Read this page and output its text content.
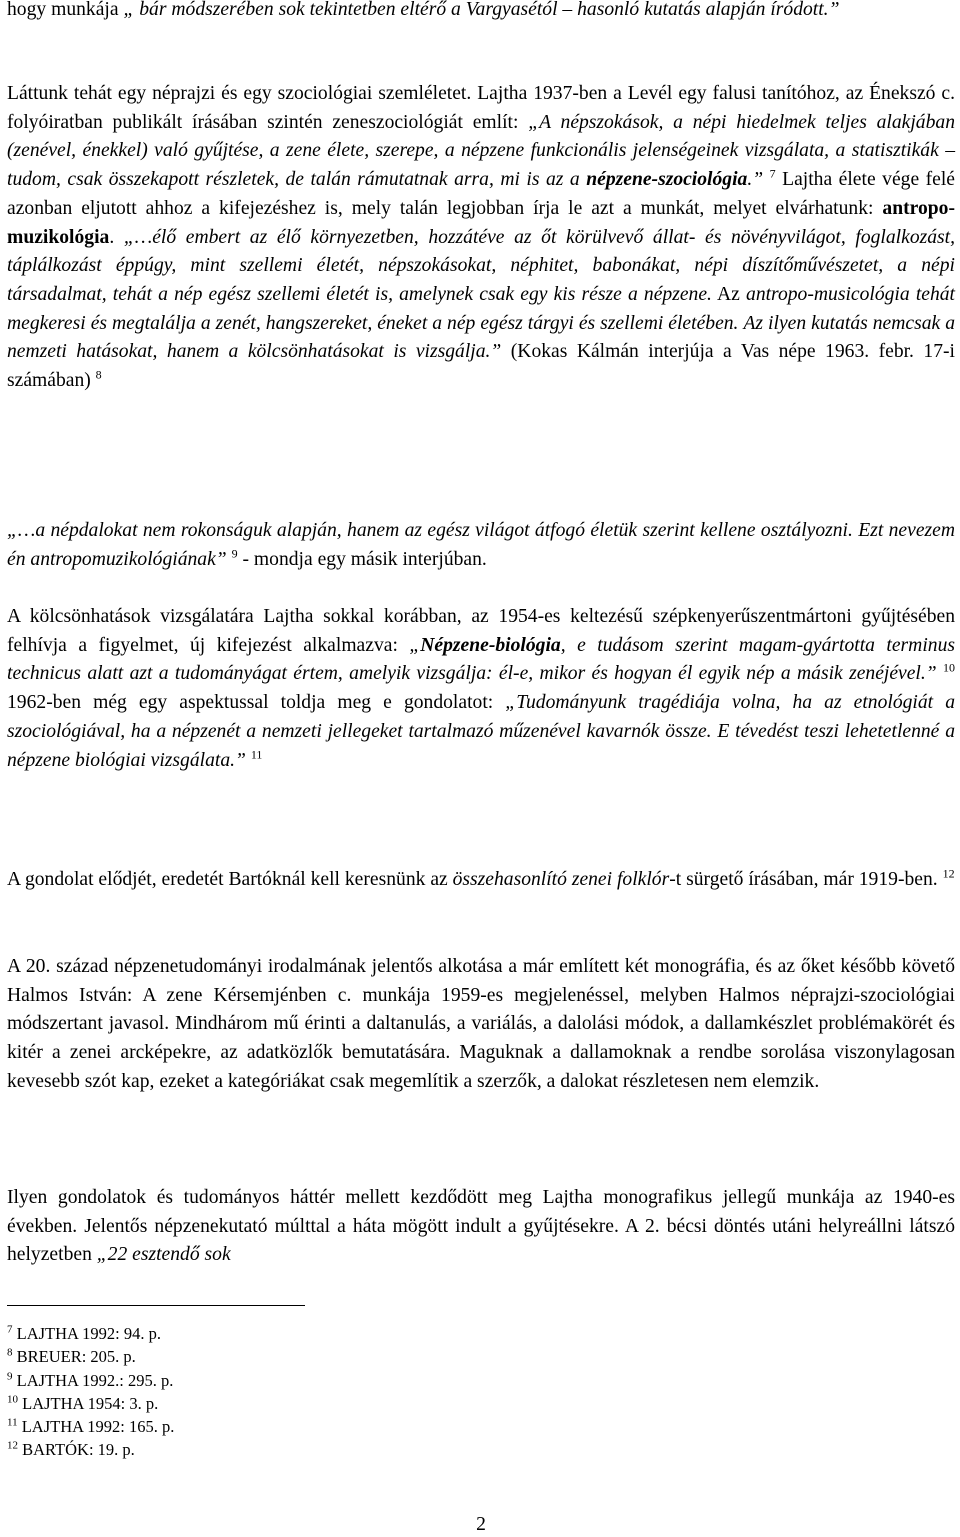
hogy munkája „ bár módszerében sok tekintetben eltérő a Vargyasétól – hasonló kutatás alapján íródott.”

Láttunk tehát egy néprajzi és egy szociológiai szemléletet. Lajtha 1937-ben a Levél egy falusi tanítóhoz, az Énekszó c. folyóiratban publikált írásában szintén zeneszociológiát említ: „A népszokások, a népi hiedelmek teljes alakjában (zenével, énekkel) való gyűjtése, a zene élete, szerepe, a népzene funkcionális jelenségeinek vizsgálata, a statisztikák – tudom, csak összekapott részletek, de talán rámutatnak arra, mi is az a népzene-szociológia.” $^7$ Lajtha élete vége felé azonban eljutott ahhoz a kifejezéshez is, mely talán legjobban írja le azt a munkát, melyet elvárhatunk: antropo-muzikológia. „…élő embert az élő környezetben, hozzátéve az őt körülvevő állat- és növényvilágot, foglalkozást, táplálkozást éppúgy, mint szellemi életét, népszokásokat, néphitet, babonákat, népi díszítőművészetet, a népi társadalmat, tehát a nép egész szellemi életét is, amelynek csak egy kis része a népzene. Az antropo-musicológia tehát megkeresi és megtalálja a zenét, hangszereket, éneket a nép egész tárgyi és szellemi életében. Az ilyen kutatás nemcsak a nemzeti hatásokat, hanem a kölcsönhatásokat is vizsgálja.” (Kokas Kálmán interjúja a Vas népe 1963. febr. 17-i számában) $^8$

„…a népdalokat nem rokonságuk alapján, hanem az egész világot átfogó életük szerint kellene osztályozni. Ezt nevezem én antropomuzikológiának” $^9$ - mondja egy másik interjúban.

A kölcsönhatások vizsgálatára Lajtha sokkal korábban, az 1954-es keltezésű szépkenyerűszentmártoni gyűjtésében felhívja a figyelmet, új kifejezést alkalmazva: „Népzene-biológia, e tudásom szerint magam-gyártotta terminus technicus alatt azt a tudományágat értem, amelyik vizsgálja: él-e, mikor és hogyan él egyik nép a másik zenéjével.” $^{10}$ 1962-ben még egy aspektussal toldja meg e gondolatot: „Tudományunk tragédiája volna, ha az etnológiát a szociológiával, ha a népzenét a nemzeti jellegeket tartalmazó műzenével kavarnók össze. E tévedést teszi lehetetlenné a népzene biológiai vizsgálata.” $^{11}$

A gondolat elődjét, eredetét Bartóknál kell keresnünk az összehasonlító zenei folklór-t sürgető írásában, már 1919-ben. $^{12}$

A 20. század népzenetudományi irodalmának jelentős alkotása a már említett két monográfia, és az őket később követő Halmos István: A zene Kérsemjénben c. munkája 1959-es megjelenéssel, melyben Halmos néprajzi-szociológiai módszertant javasol. Mindhárom mű érinti a daltanulás, a variálás, a dalolási módok, a dallamkészlet problémakörét és kitér a zenei arcképekre, az adatközlők bemutatására. Maguknak a dallamoknak a rendbe sorolása viszonylagosan kevesebb szót kap, ezeket a kategóriákat csak megemlítik a szerzők, a dalokat részletesen nem elemzik.

Ilyen gondolatok és tudományos háttér mellett kezdődött meg Lajtha monografikus jellegű munkája az 1940-es években. Jelentős népzenekutató múlttal a háta mögött indult a gyűjtésekre. A 2. bécsi döntés utáni helyreállni látszó helyzetben „22 esztendő sok

$^7$ LAJTHA 1992: 94. p.
$^8$ BREUER: 205. p.
$^9$ LAJTHA 1992.: 295. p.
$^{10}$ LAJTHA 1954: 3. p.
$^{11}$ LAJTHA 1992: 165. p.
$^{12}$ BARTÓK: 19. p.
2
